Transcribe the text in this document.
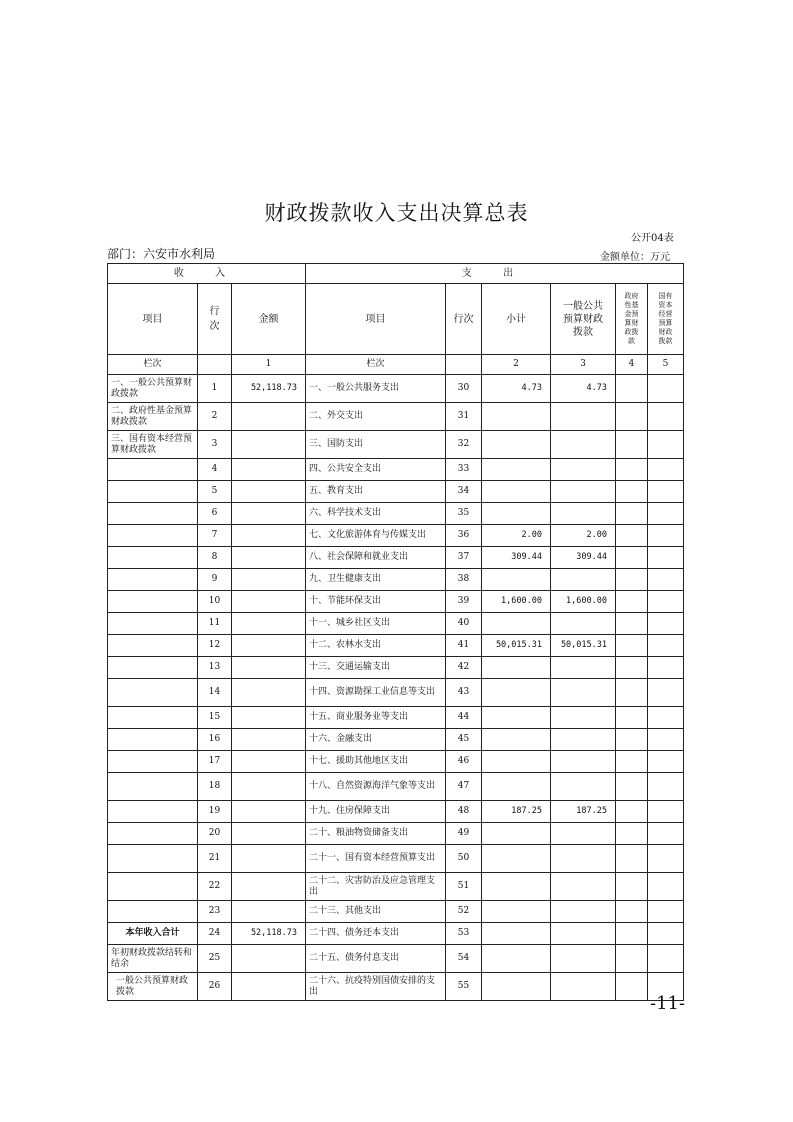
财政拨款收入支出决算总表
公开04表
部门：六安市水利局	金额单位：万元
收 入			支 出					
项目	行次	金额	项目	行次	小计	一般公共预算财政拨款	政府性基金预算财政拨款	国有资本经营预算财政拨款

栏次		1	栏次		2	3	4	5
一、一般公共预算财政拨款	1	52,118.73	一、一般公共服务支出	30	4.73	4.73		
二、政府性基金预算财政拨款	2		二、外交支出	31				
三、国有资本经营预算财政拨款	3		三、国防支出	32				
	4		四、公共安全支出	33				
	5		五、教育支出	34				
	6		六、科学技术支出	35				
	7		七、文化旅游体育与传媒支出	36	2.00	2.00		
	8		八、社会保障和就业支出	37	309.44	309.44		
	9		九、卫生健康支出	38				
	10		十、节能环保支出	39	1,600.00	1,600.00		
	11		十一、城乡社区支出	40				
	12		十二、农林水支出	41	50,015.31	50,015.31		
	13		十三、交通运输支出	42				
	14		十四、资源勘探工业信息等支出	43				
	15		十五、商业服务业等支出	44				
	16		十六、金融支出	45				
	17		十七、援助其他地区支出	46				
	18		十八、自然资源海洋气象等支出	47				
	19		十九、住房保障支出	48	187.25	187.25		
	20		二十、粮油物资储备支出	49				
	21		二十一、国有资本经营预算支出	50				
	22		二十二、灾害防治及应急管理支出	51				
	23		二十三、其他支出	52				
本年收入合计	24	52,118.73	二十四、债务还本支出	53				
年初财政拨款结转和结余	25		二十五、债务付息支出	54				
一般公共预算财政拨款	26		二十六、抗疫特别国债安排的支出	55				
-11-
